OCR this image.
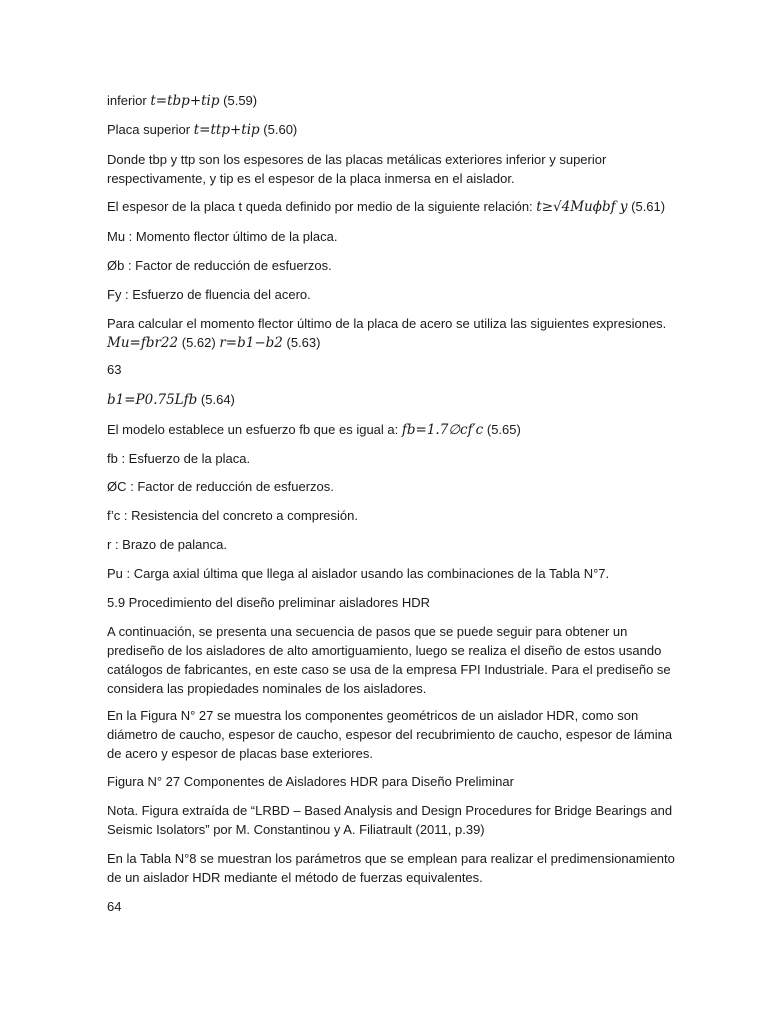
inferior 𝑡=𝑡𝑏𝑝+𝑡𝑖𝑝 (5.59)
Placa superior 𝑡=𝑡𝑡𝑝+𝑡𝑖𝑝 (5.60)
Donde tbp y ttp son los espesores de las placas metálicas exteriores inferior y superior
respectivamente, y tip es el espesor de la placa inmersa en el aislador.
El espesor de la placa t queda definido por medio de la siguiente relación: 𝑡≥√4𝑀𝑢𝜙𝑏𝑓 𝑦 (5.61)
Mu : Momento flector último de la placa.
Øb : Factor de reducción de esfuerzos.
Fy : Esfuerzo de fluencia del acero.
Para calcular el momento flector último de la placa de acero se utiliza las siguientes expresiones.
𝑀𝑢=𝑓𝑏𝑟22 (5.62) 𝑟=𝑏1−𝑏2 (5.63)
63
𝑏1=𝑃0.75𝐿𝑓𝑏 (5.64)
El modelo establece un esfuerzo fb que es igual a: 𝑓𝑏=1.7∅𝑐𝑓′𝑐 (5.65)
fb : Esfuerzo de la placa.
ØC : Factor de reducción de esfuerzos.
f’c : Resistencia del concreto a compresión.
r : Brazo de palanca.
Pu : Carga axial última que llega al aislador usando las combinaciones de la Tabla N°7.
5.9 Procedimiento del diseño preliminar aisladores HDR
A continuación, se presenta una secuencia de pasos que se puede seguir para obtener un
prediseño de los aisladores de alto amortiguamiento, luego se realiza el diseño de estos usando
catálogos de fabricantes, en este caso se usa de la empresa FPI Industriale. Para el prediseño se
considera las propiedades nominales de los aisladores.
En la Figura N° 27 se muestra los componentes geométricos de un aislador HDR, como son
diámetro de caucho, espesor de caucho, espesor del recubrimiento de caucho, espesor de lámina
de acero y espesor de placas base exteriores.
Figura N° 27 Componentes de Aisladores HDR para Diseño Preliminar
Nota. Figura extraída de “LRBD – Based Analysis and Design Procedures for Bridge Bearings and
Seismic Isolators” por M. Constantinou y A. Filiatrault (2011, p.39)
En la Tabla N°8 se muestran los parámetros que se emplean para realizar el predimensionamiento
de un aislador HDR mediante el método de fuerzas equivalentes.
64
